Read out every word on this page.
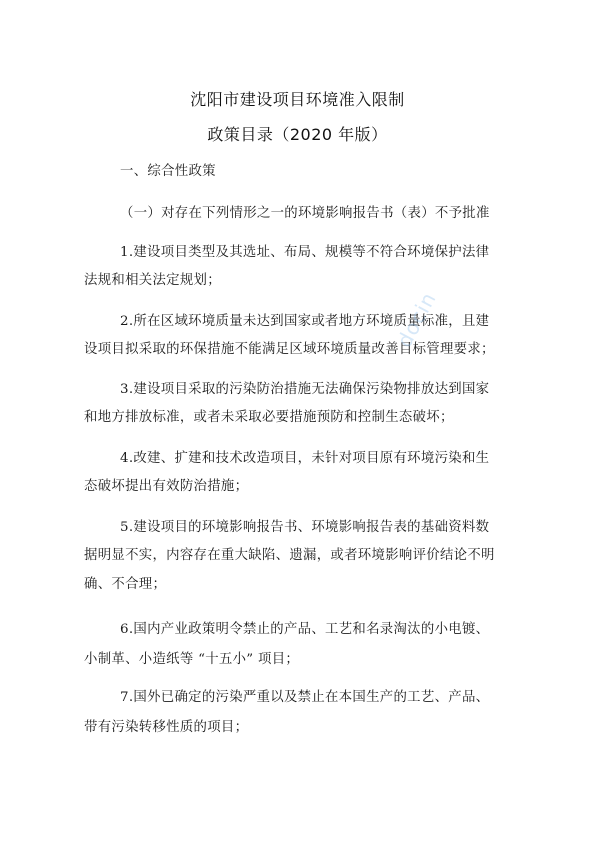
沈阳市建设项目环境准入限制
政策目录（2020 年版）
一、综合性政策
（一）对存在下列情形之一的环境影响报告书（表）不予批准
1.建设项目类型及其选址、布局、规模等不符合环境保护法律
法规和相关法定规划；
2.所在区域环境质量未达到国家或者地方环境质量标准，且建
设项目拟采取的环保措施不能满足区域环境质量改善目标管理要求；
3.建设项目采取的污染防治措施无法确保污染物排放达到国家
和地方排放标准，或者未采取必要措施预防和控制生态破坏；
4.改建、扩建和技术改造项目，未针对项目原有环境污染和生
态破坏提出有效防治措施；
5.建设项目的环境影响报告书、环境影响报告表的基础资料数
据明显不实，内容存在重大缺陷、遗漏，或者环境影响评价结论不明
确、不合理；
6.国内产业政策明令禁止的产品、工艺和名录淘汰的小电镀、
小制革、小造纸等 “十五小” 项目；
7.国外已确定的污染严重以及禁止在本国生产的工艺、产品、
带有污染转移性质的项目；
docin
